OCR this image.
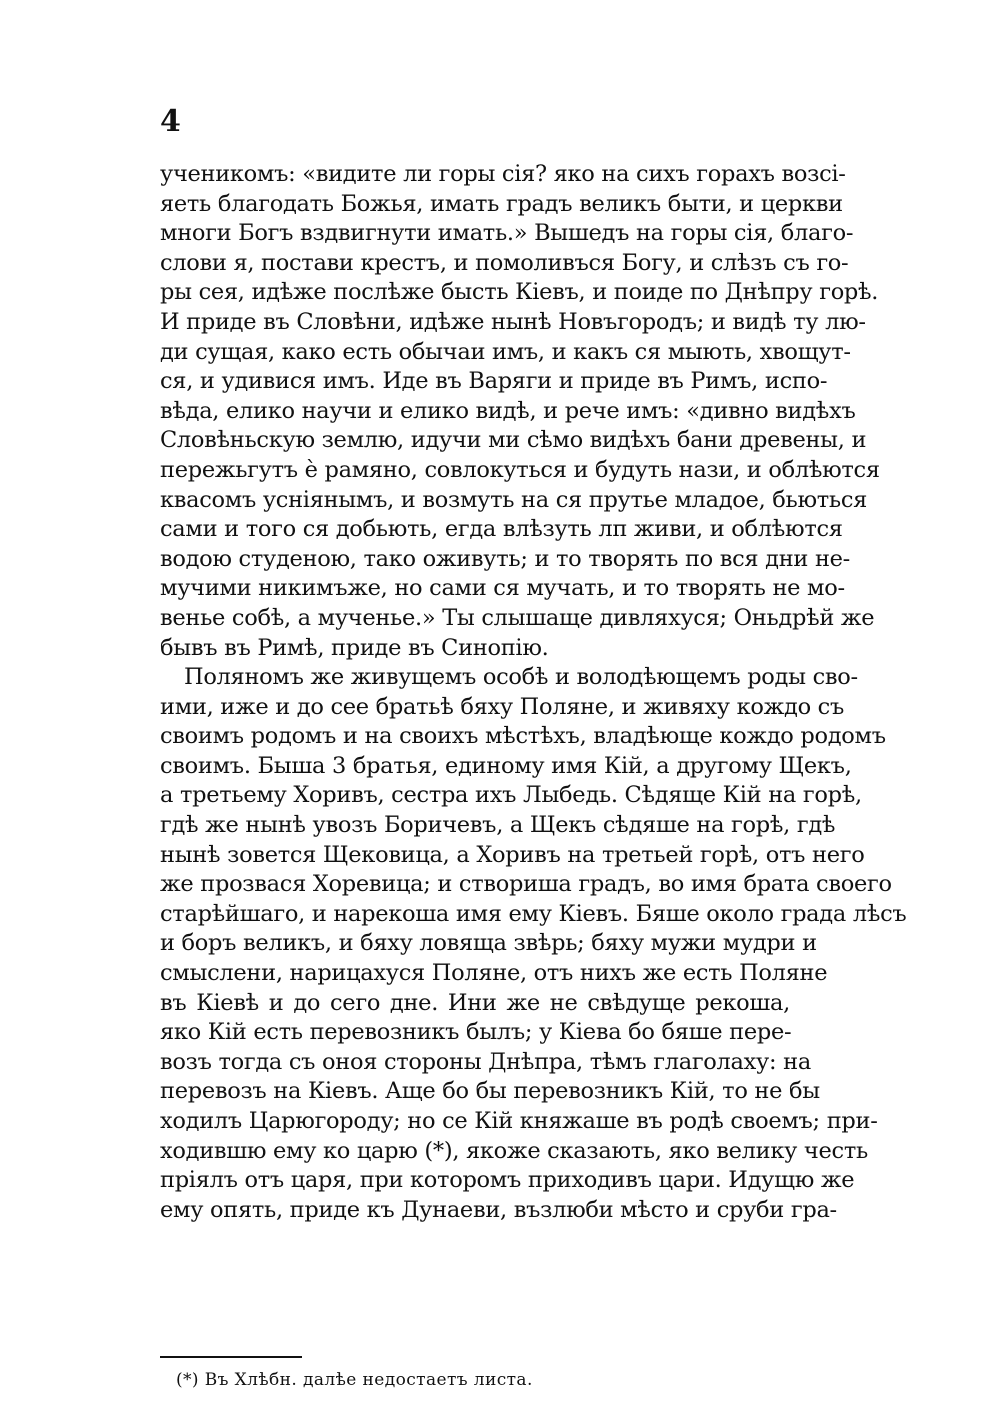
4
ученикомъ: «видите ли горы сія? яко на сихъ горахъ возсі-
яеть благодать Божья, имать градъ великъ быти, и церкви
многи Богъ вздвигнути имать.» Вышедъ на горы сія, благо-
слови я, постави крестъ, и помоливъся Богу, и слѣзъ съ го-
ры сея, идѣже послѣже бысть Кіевъ, и поиде по Днѣпру горѣ.
И приде въ Словѣни, идѣже нынѣ Новъгородъ; и видѣ ту лю-
ди сущая, како есть обычаи имъ, и какъ ся мыють, хвощут-
ся, и удивися имъ. Иде въ Варяги и приде въ Римъ, испо-
вѣда, елико научи и елико видѣ, и рече имъ: «дивно видѣхъ
Словѣньскую землю, идучи ми сѣмо видѣхъ бани древены, и
пережьгутъ è рамяно, совлокуться и будуть нази, и облѣются
квасомъ усніянымъ, и возмуть на ся прутье младое, бьються
сами и того ся добьють, егда влѣзуть лп живи, и облѣются
водою студеною, тако оживуть; и то творять по вся дни не-
мучими никимъже, но сами ся мучать, и то творять не мо-
венье собѣ, а мученье.» Ты слышаще дивляхуся; Оньдрѣй же
бывъ въ Римѣ, приде въ Синопію.
Поляномъ же живущемъ особѣ и володѣющемъ роды сво-
ими, иже и до сее братьѣ бяху Поляне, и живяху кождо съ
своимъ родомъ и на своихъ мѣстѣхъ, владѣюще кождо родомъ
своимъ. Быша 3 братья, единому имя Кій, а другому Щекъ,
а третьему Хоривъ, сестра ихъ Лыбедь. Сѣдяще Кій на горѣ,
гдѣ же нынѣ увозъ Боричевъ, а Щекъ сѣдяше на горѣ, гдѣ
нынѣ зовется Щековица, а Хоривъ на третьей горѣ, отъ него
же прозвася Хоревица; и створиша градъ, во имя брата своего
старѣйшаго, и нарекоша имя ему Кіевъ. Бяше около града лѣсъ
и боръ великъ, и бяху ловяща звѣрь; бяху мужи мудри и
смыслени, нарицахуся Поляне, отъ нихъ же есть Поляне
въ Кіевѣ и до сего дне. Ини же не свѣдуще рекоша,
яко Кій есть перевозникъ былъ; у Кіева бо бяше пере-
возъ тогда съ оноя стороны Днѣпра, тѣмъ глаголаху: на
перевозъ на Кіевъ. Аще бо бы перевозникъ Кій, то не бы
ходилъ Царюгороду; но се Кій княжаше въ родѣ своемъ; при-
ходившю ему ко царю (*), якоже сказають, яко велику честь
пріялъ отъ царя, при которомъ приходивъ цари. Идущю же
ему опять, приде къ Дунаеви, възлюби мѣсто и сруби гра-
(*) Въ Хлѣбн. далѣе недостаетъ листа.
